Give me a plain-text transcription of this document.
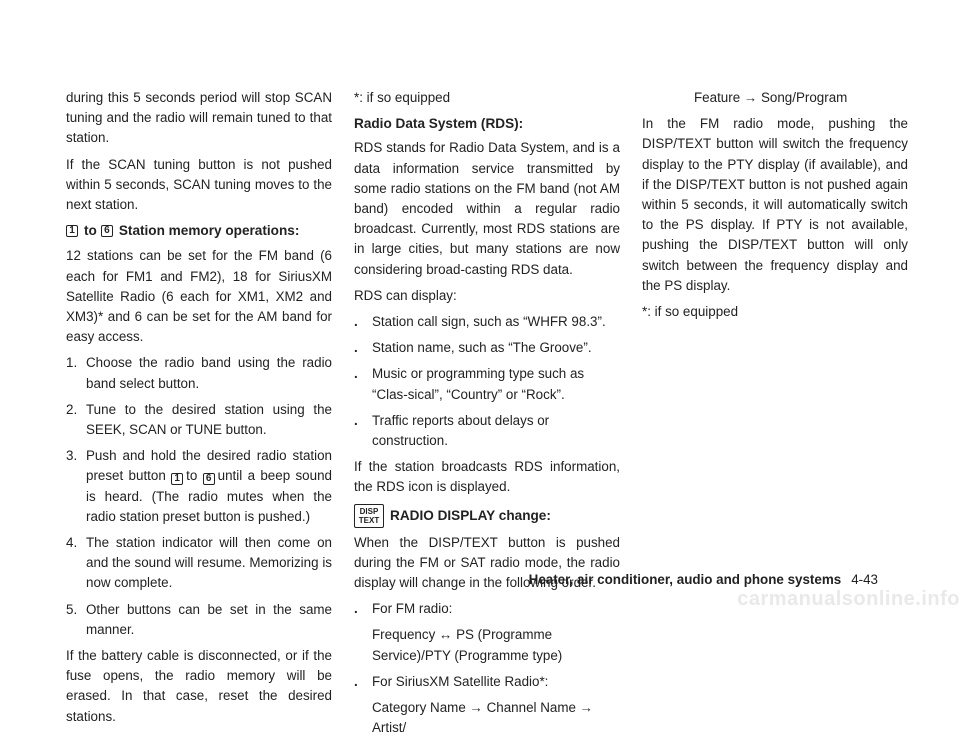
during this 5 seconds period will stop SCAN tuning and the radio will remain tuned to that station.

If the SCAN tuning button is not pushed within 5 seconds, SCAN tuning moves to the next station.

1 to 6 Station memory operations:

12 stations can be set for the FM band (6 each for FM1 and FM2), 18 for SiriusXM Satellite Radio (6 each for XM1, XM2 and XM3)* and 6 can be set for the AM band for easy access.

1. Choose the radio band using the radio band select button.
2. Tune to the desired station using the SEEK, SCAN or TUNE button.
3. Push and hold the desired radio station preset button 1 to 6 until a beep sound is heard. (The radio mutes when the radio station preset button is pushed.)
4. The station indicator will then come on and the sound will resume. Memorizing is now complete.
5. Other buttons can be set in the same manner.

If the battery cable is disconnected, or if the fuse opens, the radio memory will be erased. In that case, reset the desired stations.

*: if so equipped

Radio Data System (RDS):

RDS stands for Radio Data System, and is a data information service transmitted by some radio stations on the FM band (not AM band) encoded within a regular radio broadcast. Currently, most RDS stations are in large cities, but many stations are now considering broad-casting RDS data.

RDS can display:

.	Station call sign, such as “WHFR 98.3”.
.	Station name, such as “The Groove”.
.	Music or programming type such as “Clas-sical”, “Country” or “Rock”.
.	Traffic reports about delays or construction.

If the station broadcasts RDS information, the RDS icon is displayed.

DISP
TEXT RADIO DISPLAY change:

When the DISP/TEXT button is pushed during the FM or SAT radio mode, the radio display will change in the following order.

.	For FM radio:

Frequency ↔ PS (Programme Service)/PTY (Programme type)

.	For SiriusXM Satellite Radio*:

Category Name → Channel Name → Artist/

Feature → Song/Program

In the FM radio mode, pushing the DISP/TEXT button will switch the frequency display to the PTY display (if available), and if the DISP/TEXT button is not pushed again within 5 seconds, it will automatically switch to the PS display. If PTY is not available, pushing the DISP/TEXT button will only switch between the frequency display and the PS display.

*: if so equipped

Heater, air conditioner, audio and phone systems 4-43
carmanualsonline.info
